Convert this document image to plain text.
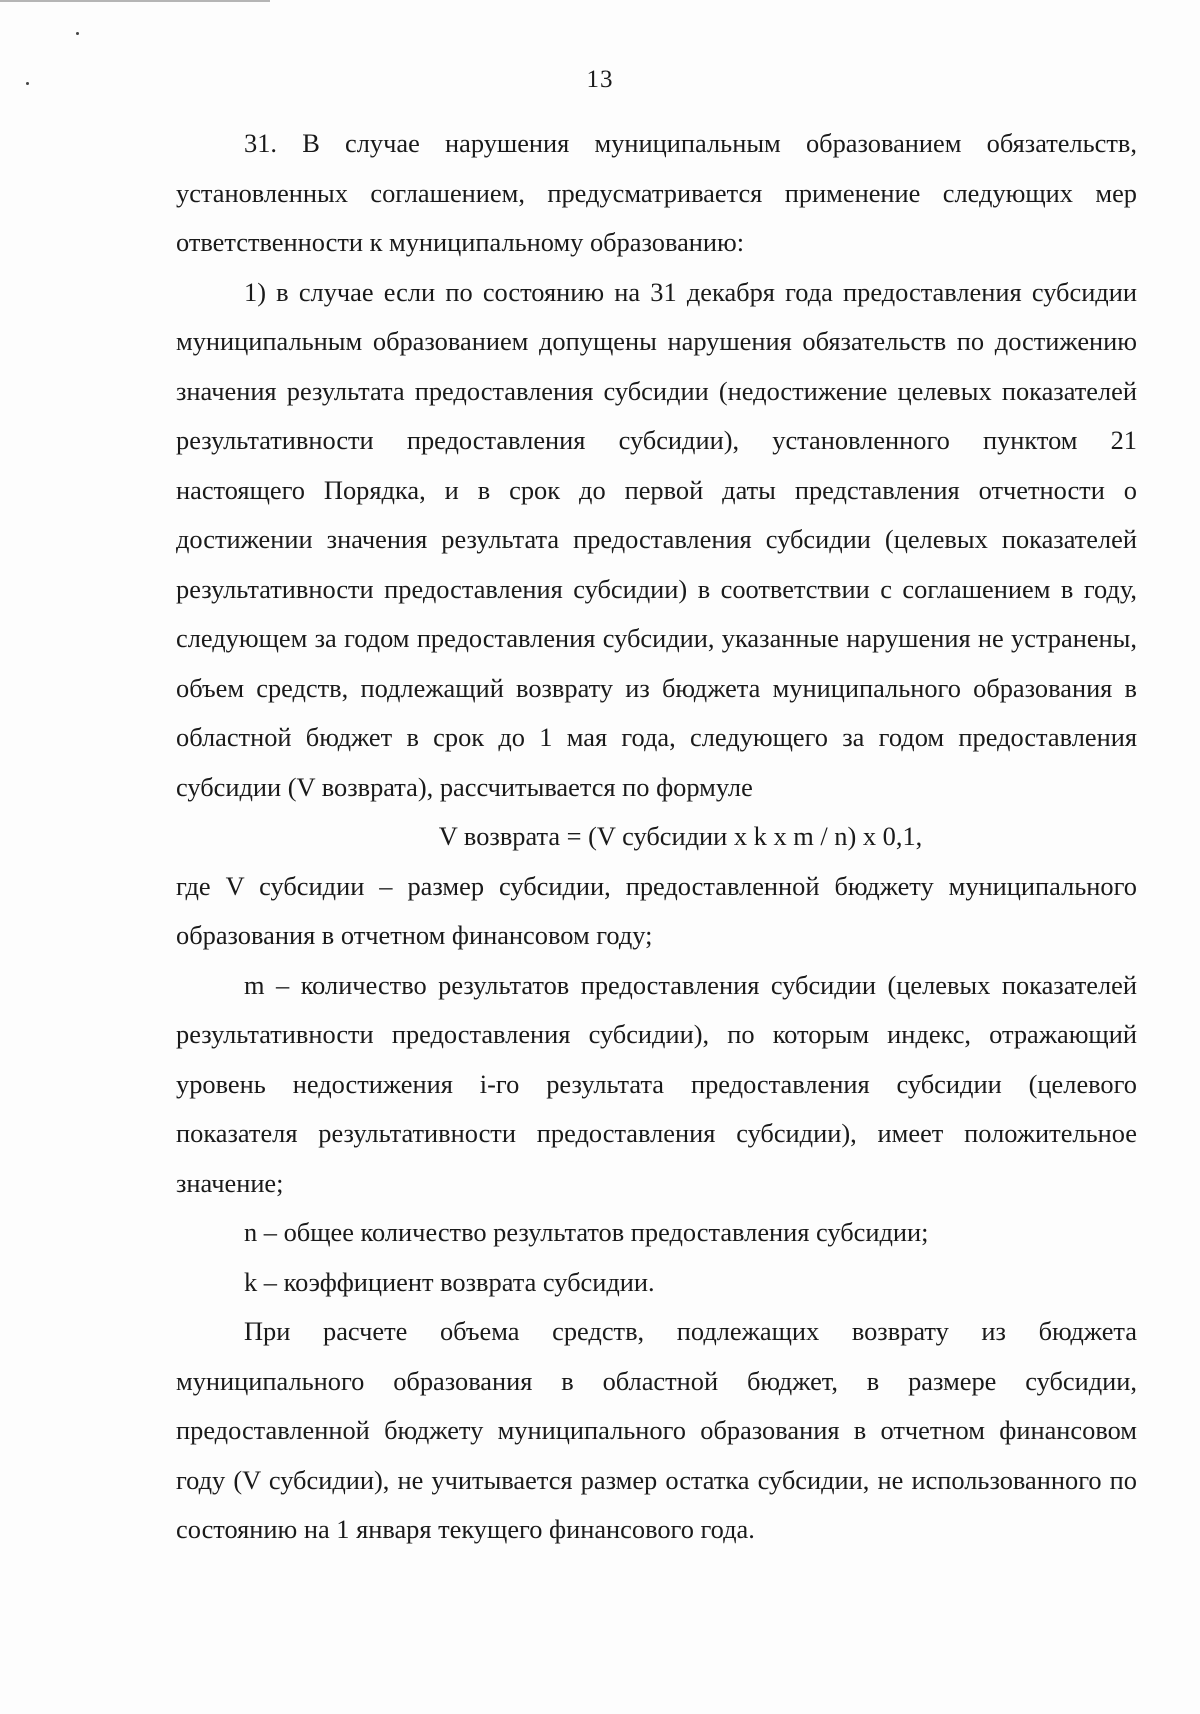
13

31. В случае нарушения муниципальным образованием обязательств, установленных соглашением, предусматривается применение следующих мер ответственности к муниципальному образованию:

1) в случае если по состоянию на 31 декабря года предоставления субсидии муниципальным образованием допущены нарушения обязательств по достижению значения результата предоставления субсидии (недостижение целевых показателей результативности предоставления субсидии), установленного пунктом 21 настоящего Порядка, и в срок до первой даты представления отчетности о достижении значения результата предоставления субсидии (целевых показателей результативности предоставления субсидии) в соответствии с соглашением в году, следующем за годом предоставления субсидии, указанные нарушения не устранены, объем средств, подлежащий возврату из бюджета муниципального образования в областной бюджет в срок до 1 мая года, следующего за годом предоставления субсидии (V возврата), рассчитывается по формуле

V возврата = (V субсидии x k x m / n) x 0,1,

где V субсидии – размер субсидии, предоставленной бюджету муниципального образования в отчетном финансовом году;

m – количество результатов предоставления субсидии (целевых показателей результативности предоставления субсидии), по которым индекс, отражающий уровень недостижения i-го результата предоставления субсидии (целевого показателя результативности предоставления субсидии), имеет положительное значение;

n – общее количество результатов предоставления субсидии;

k – коэффициент возврата субсидии.

При расчете объема средств, подлежащих возврату из бюджета муниципального образования в областной бюджет, в размере субсидии, предоставленной бюджету муниципального образования в отчетном финансовом году (V субсидии), не учитывается размер остатка субсидии, не использованного по состоянию на 1 января текущего финансового года.
